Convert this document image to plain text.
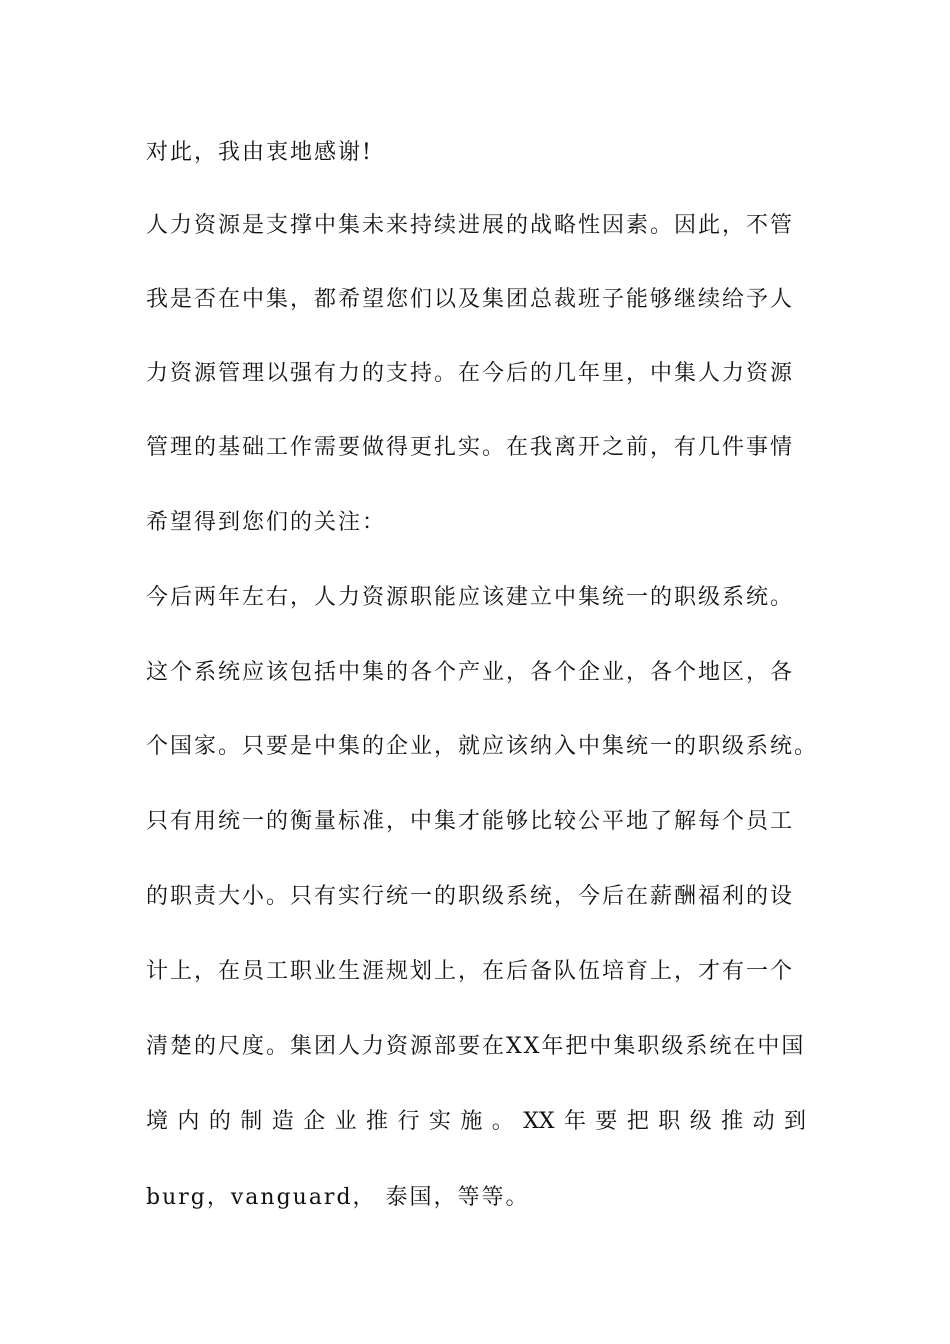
对此，我由衷地感谢!

人力资源是支撑中集未来持续进展的战略性因素。因此，不管

我是否在中集，都希望您们以及集团总裁班子能够继续给予人

力资源管理以强有力的支持。在今后的几年里，中集人力资源

管理的基础工作需要做得更扎实。在我离开之前，有几件事情

希望得到您们的关注：

今后两年左右，人力资源职能应该建立中集统一的职级系统。

这个系统应该包括中集的各个产业，各个企业，各个地区，各

个国家。只要是中集的企业，就应该纳入中集统一的职级系统。

只有用统一的衡量标准，中集才能够比较公平地了解每个员工

的职责大小。只有实行统一的职级系统，今后在薪酬福利的设

计上，在员工职业生涯规划上，在后备队伍培育上，才有一个

清楚的尺度。集团人力资源部要在XX年把中集职级系统在中国

境内的制造企业推行实施。XX年要把职级推动到

burg，vanguard， 泰国，等等。
